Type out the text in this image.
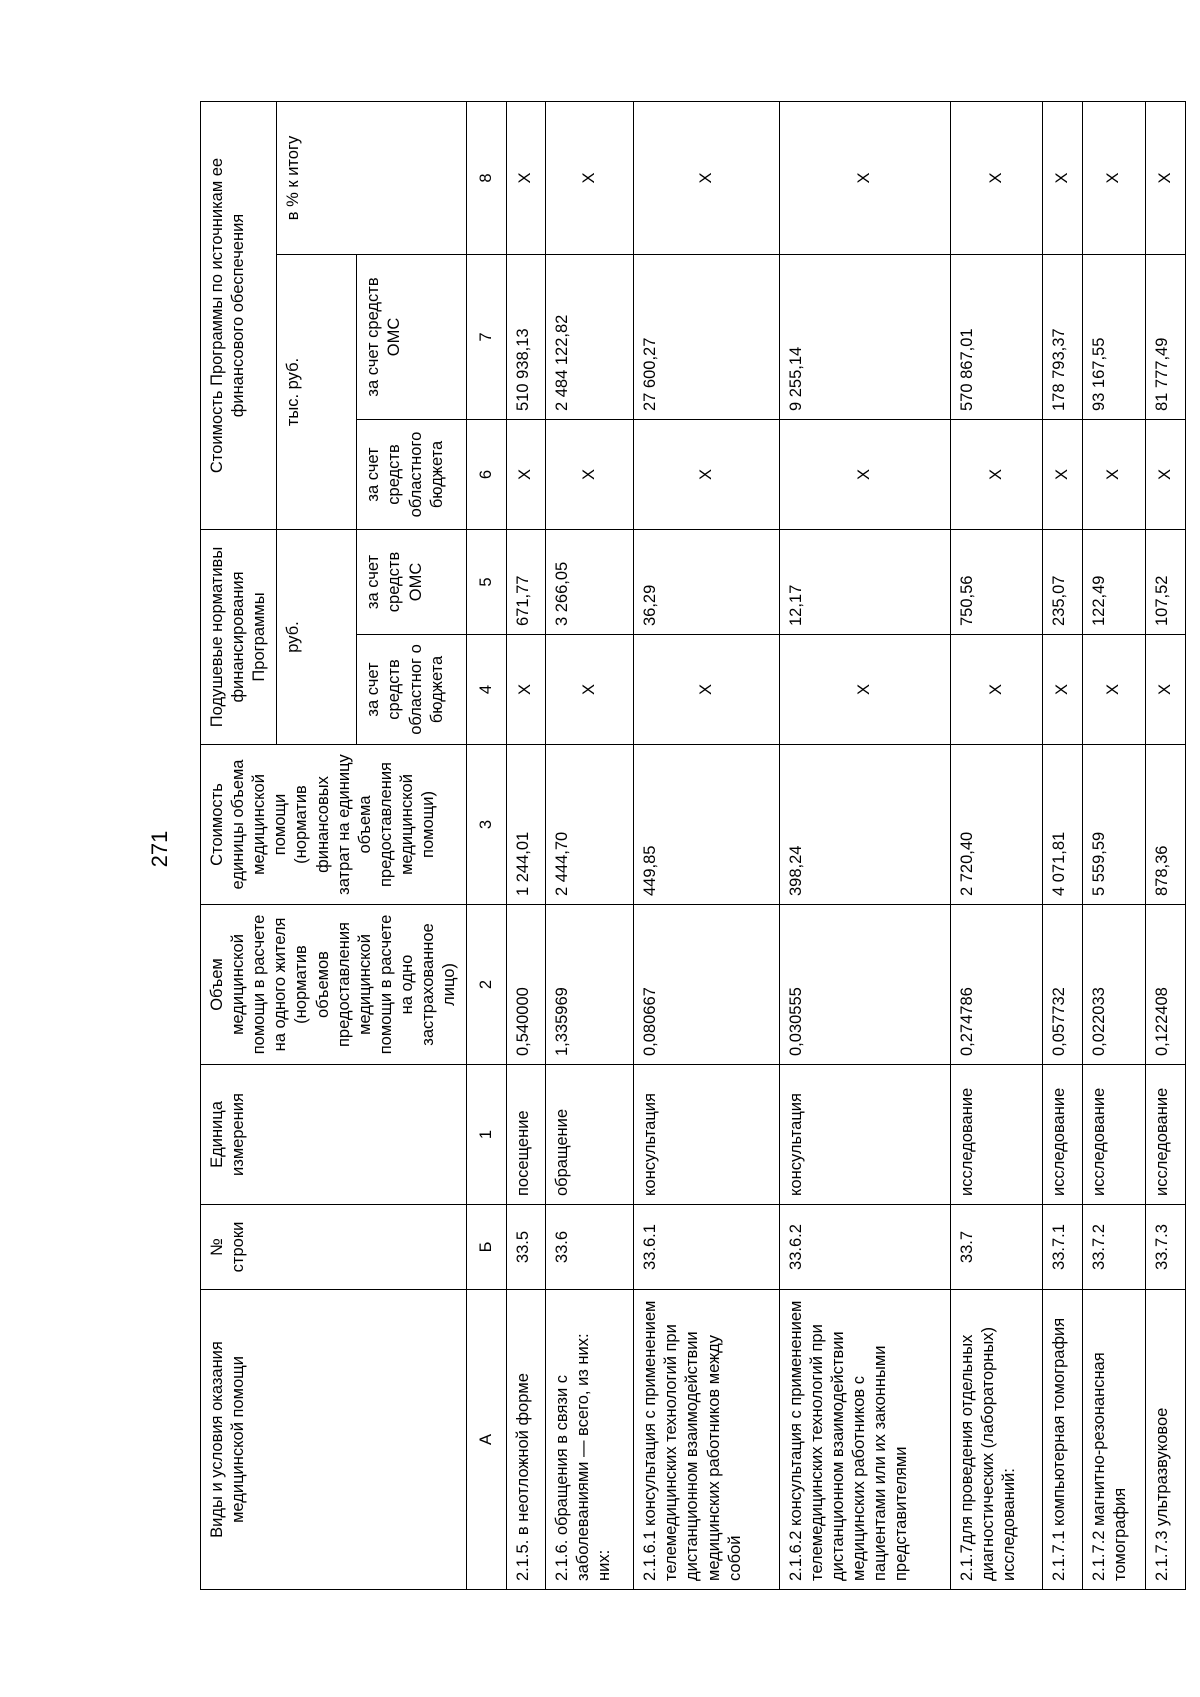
271
Виды и условия оказания медицинской помощи	№ строки	Единица измерения	Объем медицинской помощи в расчете на одного жителя (норматив объемов предоставления медицинской помощи в расчете на одно застрахованное лицо)	Стоимость единицы объема медицинской помощи (норматив финансовых затрат на единицу объема предоставления медицинской помощи)	Подушевые нормативы финансирования Программы		Стоимость Программы по источникам ее финансового обеспечения		
					руб.		тыс. руб.		в % к итогу
					за счет средств областног о бюджета	за счет средств ОМС	за счет средств областного бюджета	за счет средств ОМС	
А	Б	1	2	3	4	5	6	7	8
2.1.5. в неотложной форме	33.5	посещение	0,540000	1 244,01	X	671,77	X	510 938,13	X
2.1.6. обращения в связи с заболеваниями — всего, из них: них:	33.6	обращение	1,335969	2 444,70	X	3 266,05	X	2 484 122,82	X
2.1.6.1 консультация с применением телемедицинских технологий при дистанционном взаимодействии медицинских работников между собой	33.6.1	консультация	0,080667	449,85	X	36,29	X	27 600,27	X
2.1.6.2 консультация с применением телемедицинских технологий при дистанционном взаимодействии медицинских работников с пациентами или их законными представителями	33.6.2	консультация	0,030555	398,24	X	12,17	X	9 255,14	X
2.1.7для проведения отдельных диагностических (лабораторных) исследований:	33.7	исследование	0,274786	2 720,40	X	750,56	X	570 867,01	X
2.1.7.1 компьютерная томография	33.7.1	исследование	0,057732	4 071,81	X	235,07	X	178 793,37	X
2.1.7.2 магнитно-резонансная томография	33.7.2	исследование	0,022033	5 559,59	X	122,49	X	93 167,55	X
2.1.7.3 ультразвуковое	33.7.3	исследование	0,122408	878,36	X	107,52	X	81 777,49	X
